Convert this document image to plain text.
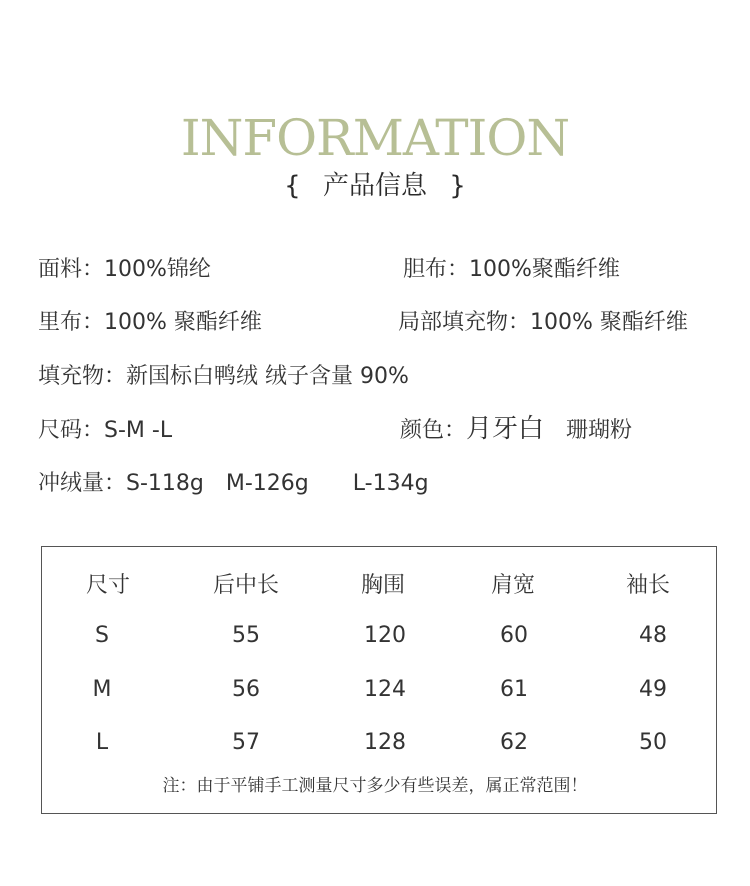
INFORMATION
{ 产品信息 }
面料：100%锦纶	胆布：100%聚酯纤维
里布：100% 聚酯纤维	局部填充物：100% 聚酯纤维
填充物：新国标白鸭绒 绒子含量 90%
尺码：S-M -L	颜色：月牙白 珊瑚粉
冲绒量：S-118g M-126g L-134g
尺寸	后中长	胸围	肩宽	袖长
S	55	120	60	48
M	56	124	61	49
L	57	128	62	50
注：由于平铺手工测量尺寸多少有些误差，属正常范围！
